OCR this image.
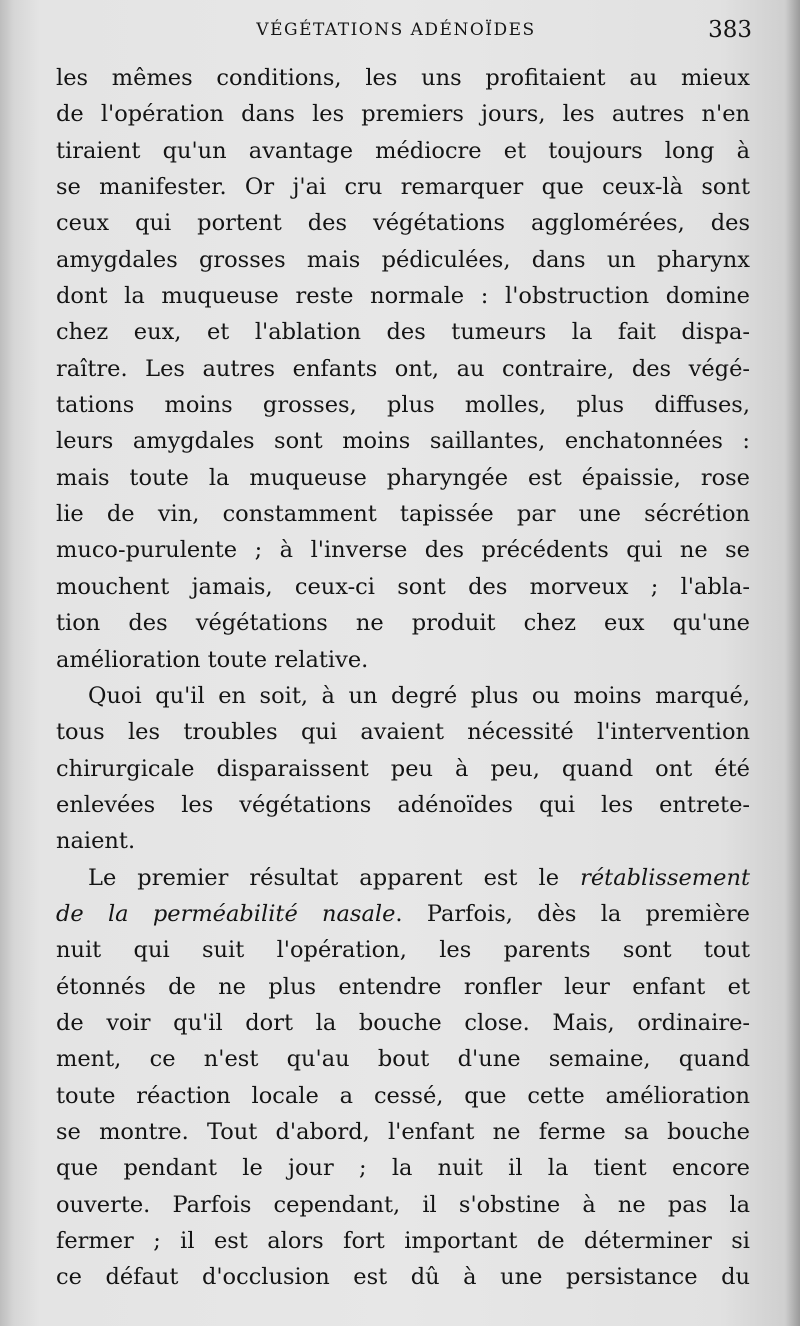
VÉGÉTATIONS ADÉNOÏDES	383
les mêmes conditions, les uns profitaient au mieux
de l'opération dans les premiers jours, les autres n'en
tiraient qu'un avantage médiocre et toujours long à
se manifester. Or j'ai cru remarquer que ceux-là sont
ceux qui portent des végétations agglomérées, des
amygdales grosses mais pédiculées, dans un pharynx
dont la muqueuse reste normale : l'obstruction domine
chez eux, et l'ablation des tumeurs la fait dispa-
raître. Les autres enfants ont, au contraire, des végé-
tations moins grosses, plus molles, plus diffuses,
leurs amygdales sont moins saillantes, enchatonnées :
mais toute la muqueuse pharyngée est épaissie, rose
lie de vin, constamment tapissée par une sécrétion
muco-purulente ; à l'inverse des précédents qui ne se
mouchent jamais, ceux-ci sont des morveux ; l'abla-
tion des végétations ne produit chez eux qu'une
amélioration toute relative.
Quoi qu'il en soit, à un degré plus ou moins marqué,
tous les troubles qui avaient nécessité l'intervention
chirurgicale disparaissent peu à peu, quand ont été
enlevées les végétations adénoïdes qui les entrete-
naient.
Le premier résultat apparent est le rétablissement
de la perméabilité nasale. Parfois, dès la première
nuit qui suit l'opération, les parents sont tout
étonnés de ne plus entendre ronfler leur enfant et
de voir qu'il dort la bouche close. Mais, ordinaire-
ment, ce n'est qu'au bout d'une semaine, quand
toute réaction locale a cessé, que cette amélioration
se montre. Tout d'abord, l'enfant ne ferme sa bouche
que pendant le jour ; la nuit il la tient encore
ouverte. Parfois cependant, il s'obstine à ne pas la
fermer ; il est alors fort important de déterminer si
ce défaut d'occlusion est dû à une persistance du
